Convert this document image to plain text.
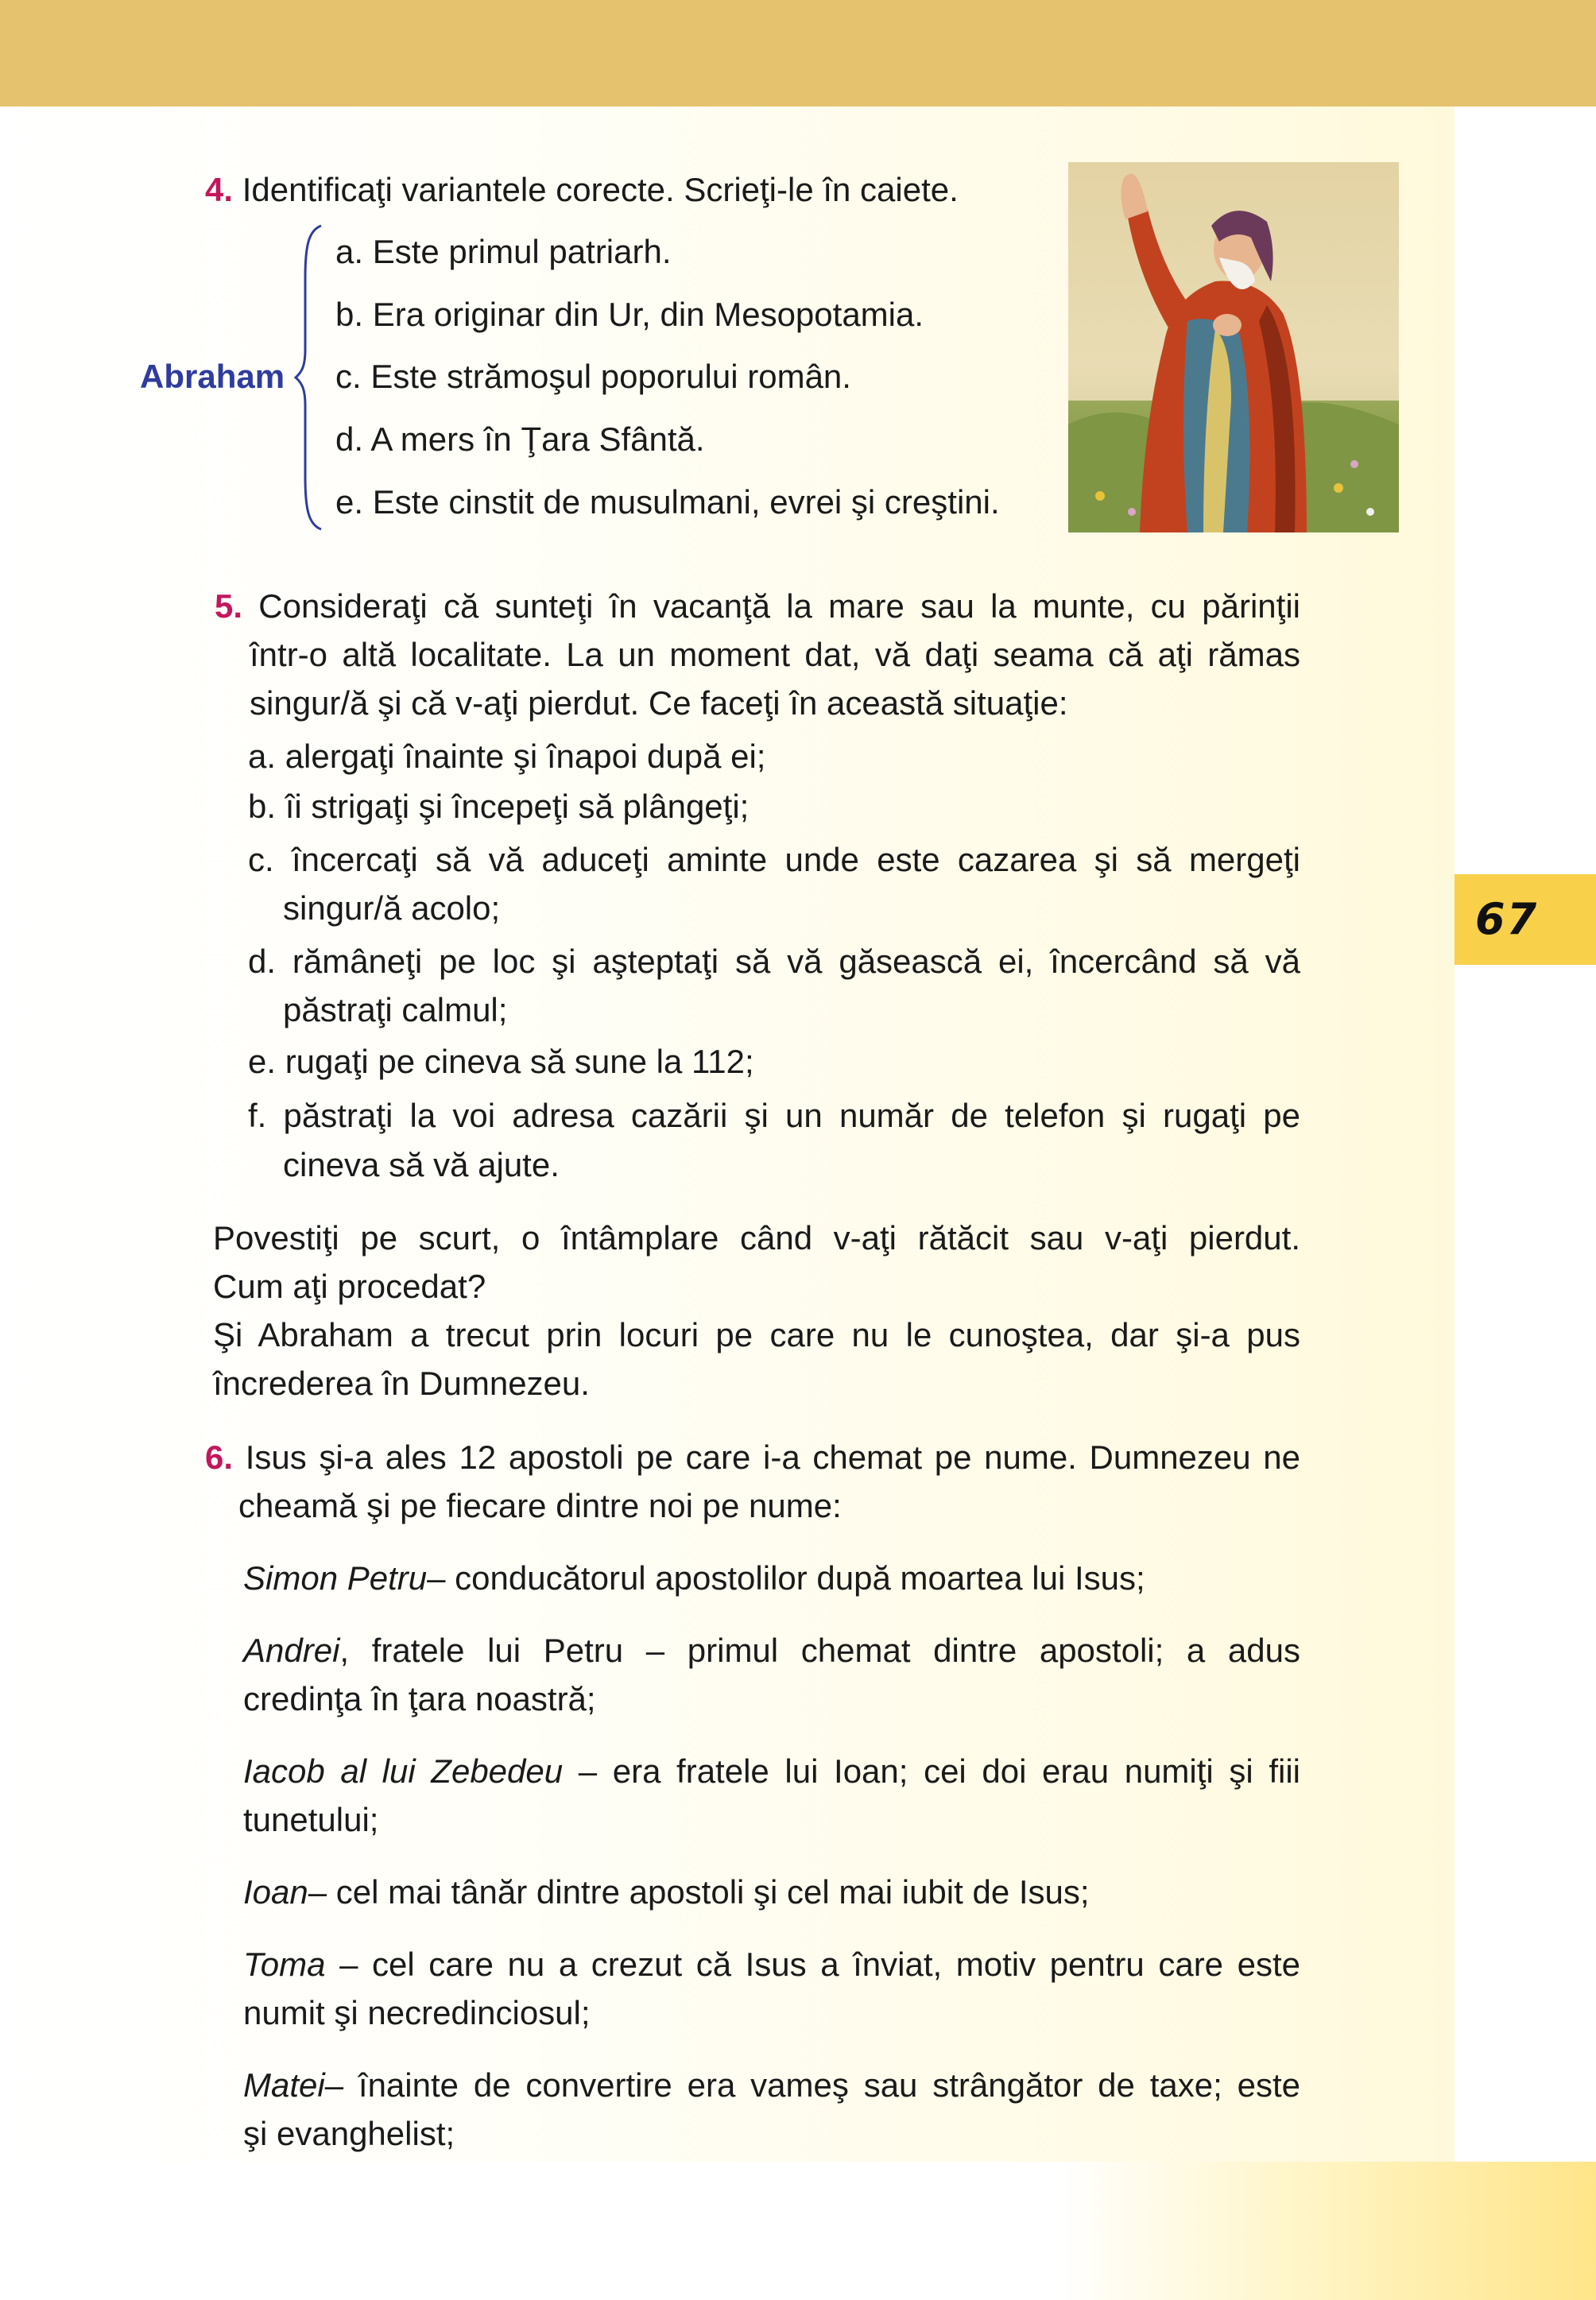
67
4. Identificaţi variantele corecte. Scrieţi-le în caiete.
Abraham
a. Este primul patriarh.
b. Era originar din Ur, din Mesopotamia.
c. Este strămoşul poporului român.
d. A mers în Ţara Sfântă.
e. Este cinstit de musulmani, evrei şi creştini.
5. Consideraţi că sunteţi în vacanţă la mare sau la munte, cu părinţii
într-o altă localitate. La un moment dat, vă daţi seama că aţi rămas
singur/ă şi că v-aţi pierdut. Ce faceţi în această situaţie:
a. alergaţi înainte şi înapoi după ei;
b. îi strigaţi şi începeţi să plângeţi;
c. încercaţi să vă aduceţi aminte unde este cazarea şi să mergeţi
singur/ă acolo;
d. rămâneţi pe loc şi aşteptaţi să vă găsească ei, încercând să vă
păstraţi calmul;
e. rugaţi pe cineva să sune la 112;
f. păstraţi la voi adresa cazării şi un număr de telefon şi rugaţi pe
cineva să vă ajute.
Povestiţi pe scurt, o întâmplare când v-aţi rătăcit sau v-aţi pierdut.
Cum aţi procedat?
Şi Abraham a trecut prin locuri pe care nu le cunoştea, dar şi-a pus
încrederea în Dumnezeu.
6. Isus şi-a ales 12 apostoli pe care i-a chemat pe nume. Dumnezeu ne
cheamă şi pe fiecare dintre noi pe nume:
Simon Petru– conducătorul apostolilor după moartea lui Isus;
Andrei, fratele lui Petru – primul chemat dintre apostoli; a adus
credinţa în ţara noastră;
Iacob al lui Zebedeu – era fratele lui Ioan; cei doi erau numiţi şi fiii
tunetului;
Ioan– cel mai tânăr dintre apostoli şi cel mai iubit de Isus;
Toma – cel care nu a crezut că Isus a înviat, motiv pentru care este
numit şi necredinciosul;
Matei– înainte de convertire era vameş sau strângător de taxe; este
şi evanghelist;
